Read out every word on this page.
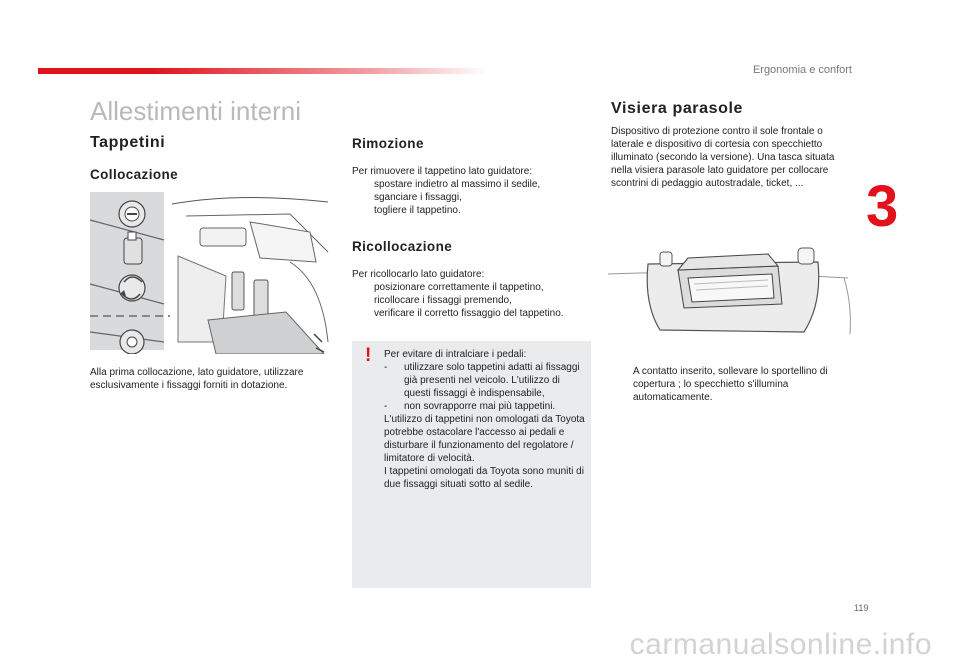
Ergonomia e confort
3
Allestimenti interni
Tappetini
Collocazione

Alla prima collocazione, lato guidatore, utilizzare esclusivamente i fissaggi forniti in dotazione.

Rimozione

Per rimuovere il tappetino lato guidatore:

spostare indietro al massimo il sedile,
sganciare i fissaggi,
togliere il tappetino.
Ricollocazione

Per ricollocarlo lato guidatore:

posizionare correttamente il tappetino,
ricollocare i fissaggi premendo,
verificare il corretto fissaggio del tappetino.
! Per evitare di intralciare i pedali:
- utilizzare solo tappetini adatti ai fissaggi già presenti nel veicolo. L'utilizzo di questi fissaggi è indispensabile,
- non sovrapporre mai più tappetini.
L'utilizzo di tappetini non omologati da Toyota potrebbe ostacolare l'accesso ai pedali e disturbare il funzionamento del regolatore / limitatore di velocità.
I tappetini omologati da Toyota sono muniti di due fissaggi situati sotto al sedile.
Visiera parasole

Dispositivo di protezione contro il sole frontale o laterale e dispositivo di cortesia con specchietto illuminato (secondo la versione). Una tasca situata nella visiera parasole lato guidatore per collocare scontrini di pedaggio autostradale, ticket, ...

A contatto inserito, sollevare lo sportellino di copertura ; lo specchietto s'illumina automaticamente.
119
carmanualsonline.info
